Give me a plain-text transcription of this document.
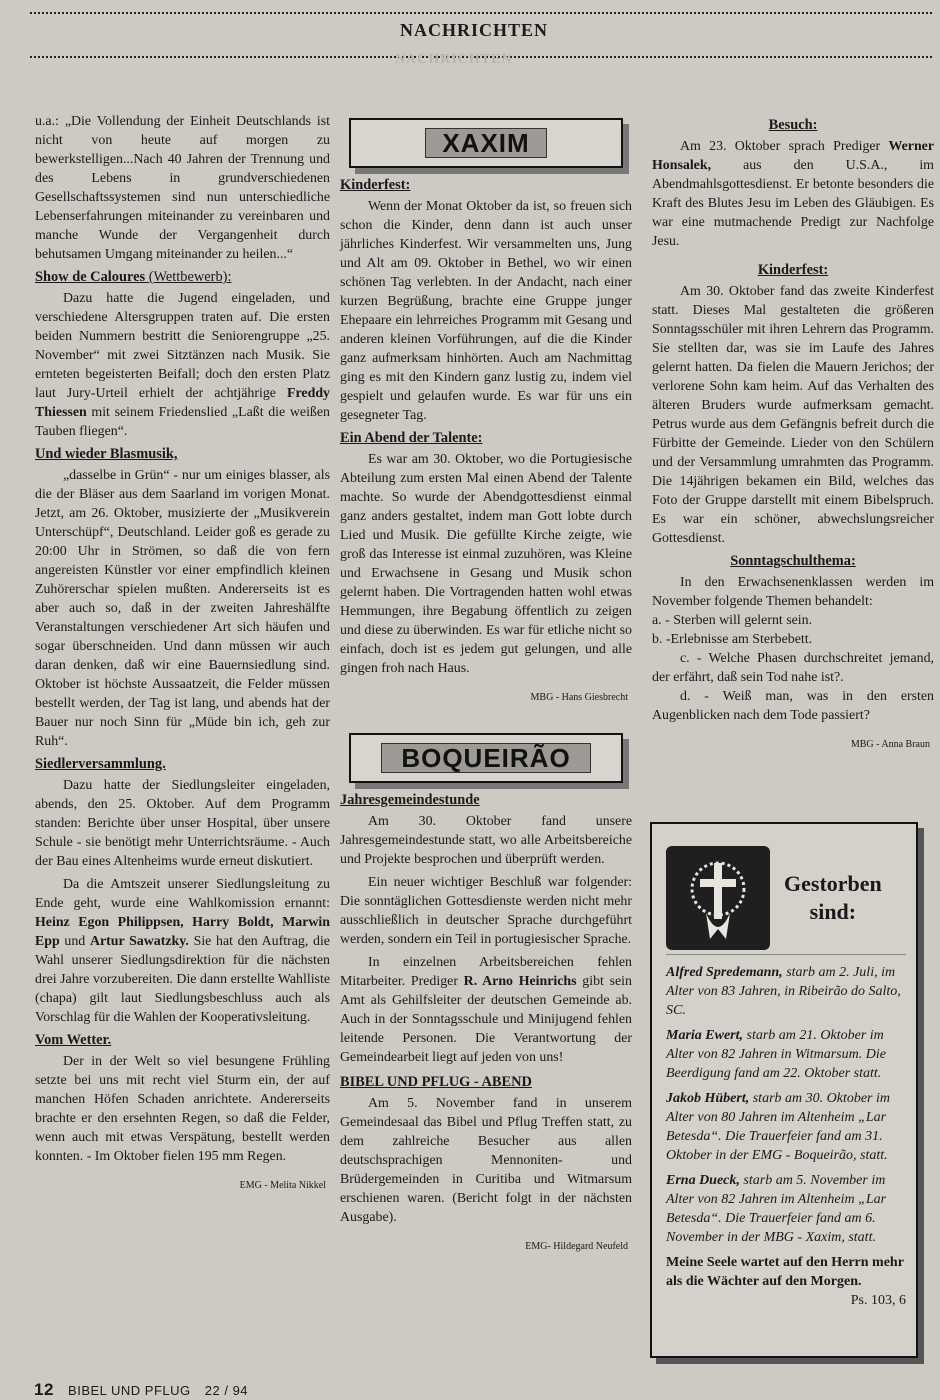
NACHRICHTEN
NACHRICHTEN

u.a.: „Die Vollendung der Einheit Deutschlands ist nicht von heute auf morgen zu bewerkstelligen...Nach 40 Jahren der Trennung und des Lebens in grundverschiedenen Gesellschaftssystemen sind nun unterschiedliche Lebenserfahrungen miteinander zu vereinbaren und manche Wunde der Vergangenheit durch behutsamen Umgang miteinander zu heilen...“

Show de Caloures (Wettbewerb):

Dazu hatte die Jugend eingeladen, und verschiedene Altersgruppen traten auf. Die ersten beiden Nummern bestritt die Seniorengruppe „25. November“ mit zwei Sitztänzen nach Musik. Sie ernteten begeisterten Beifall; doch den ersten Platz laut Jury-Urteil erhielt der achtjährige Freddy Thiessen mit seinem Friedenslied „Laßt die weißen Tauben fliegen“.

Und wieder Blasmusik,

„dasselbe in Grün“ - nur um einiges blasser, als die der Bläser aus dem Saarland im vorigen Monat. Jetzt, am 26. Oktober, musizierte der „Musikverein Unterschüpf“, Deutschland. Leider goß es gerade zu 20:00 Uhr in Strömen, so daß die von fern angereisten Künstler vor einer empfindlich kleinen Zuhörerschar spielen mußten. Andererseits ist es aber auch so, daß in der zweiten Jahreshälfte Veranstaltungen verschiedener Art sich häufen und sogar überschneiden. Und dann müssen wir auch daran denken, daß wir eine Bauernsiedlung sind. Oktober ist höchste Aussaatzeit, die Felder müssen bestellt werden, der Tag ist lang, und abends hat der Bauer nur noch Sinn für „Müde bin ich, geh zur Ruh“.

Siedlerversammlung.

Dazu hatte der Siedlungsleiter eingeladen, abends, den 25. Oktober. Auf dem Programm standen: Berichte über unser Hospital, über unsere Schule - sie benötigt mehr Unterrichtsräume. - Auch der Bau eines Altenheims wurde erneut diskutiert.

Da die Amtszeit unserer Siedlungsleitung zu Ende geht, wurde eine Wahlkomission ernannt: Heinz Egon Philippsen, Harry Boldt, Marwin Epp und Artur Sawatzky. Sie hat den Auftrag, die Wahl unserer Siedlungsdirektion für die nächsten drei Jahre vorzubereiten. Die dann erstellte Wahlliste (chapa) gilt laut Siedlungsbeschluss auch als Vorschlag für die Wahlen der Kooperativsleitung.

Vom Wetter.

Der in der Welt so viel besungene Frühling setzte bei uns mit recht viel Sturm ein, der auf manchen Höfen Schaden anrichtete. Andererseits brachte er den ersehnten Regen, so daß die Felder, wenn auch mit etwas Verspätung, bestellt werden konnten. - Im Oktober fielen 195 mm Regen.

EMG - Melita Nikkel

XAXIM
Kinderfest:

Wenn der Monat Oktober da ist, so freuen sich schon die Kinder, denn dann ist auch unser jährliches Kinderfest. Wir versammelten uns, Jung und Alt am 09. Oktober in Bethel, wo wir einen schönen Tag verlebten. In der Andacht, nach einer kurzen Begrüßung, brachte eine Gruppe junger Ehepaare ein lehrreiches Programm mit Gesang und anderen kleinen Vorführungen, auf die die Kinder ganz aufmerksam hinhörten. Auch am Nachmittag ging es mit den Kindern ganz lustig zu, indem viel gespielt und gelaufen wurde. Es war für uns ein gesegneter Tag.

Ein Abend der Talente:

Es war am 30. Oktober, wo die Portugiesische Abteilung zum ersten Mal einen Abend der Talente machte. So wurde der Abendgottesdienst einmal ganz anders gestaltet, indem man Gott lobte durch Lied und Musik. Die gefüllte Kirche zeigte, wie groß das Interesse ist einmal zuzuhören, was Kleine und Erwachsene in Gesang und Musik schon gelernt haben. Die Vortragenden hatten wohl etwas Hemmungen, ihre Begabung öffentlich zu zeigen und diese zu überwinden. Es war für etliche nicht so einfach, doch ist es jedem gut gelungen, und alle gingen froh nach Haus.

MBG - Hans Giesbrecht

BOQUEIRÃO
Jahresgemeindestunde

Am 30. Oktober fand unsere Jahresgemeindestunde statt, wo alle Arbeitsbereiche und Projekte besprochen und überprüft werden.

Ein neuer wichtiger Beschluß war folgender: Die sonntäglichen Gottesdienste werden nicht mehr ausschließlich in deutscher Sprache durchgeführt werden, sondern ein Teil in portugiesischer Sprache.

In einzelnen Arbeitsbereichen fehlen Mitarbeiter. Prediger R. Arno Heinrichs gibt sein Amt als Gehilfsleiter der deutschen Gemeinde ab. Auch in der Sonntagsschule und Minijugend fehlen leitende Personen. Die Verantwortung der Gemeindearbeit liegt auf jeden von uns!

BIBEL UND PFLUG - ABEND

Am 5. November fand in unserem Gemeindesaal das Bibel und Pflug Treffen statt, zu dem zahlreiche Besucher aus allen deutschsprachigen Mennoniten- und Brüdergemeinden in Curitiba und Witmarsum erschienen waren. (Bericht folgt in der nächsten Ausgabe).

EMG- Hildegard Neufeld

Besuch:

Am 23. Oktober sprach Prediger Werner Honsalek, aus den U.S.A., im Abendmahlsgottesdienst. Er betonte besonders die Kraft des Blutes Jesu im Leben des Gläubigen. Es war eine mutmachende Predigt zur Nachfolge Jesu.

Kinderfest:

Am 30. Oktober fand das zweite Kinderfest statt. Dieses Mal gestalteten die größeren Sonntagsschüler mit ihren Lehrern das Programm. Sie stellten dar, was sie im Laufe des Jahres gelernt hatten. Da fielen die Mauern Jerichos; der verlorene Sohn kam heim. Auf das Verhalten des älteren Bruders wurde aufmerksam gemacht. Petrus wurde aus dem Gefängnis befreit durch die Fürbitte der Gemeinde. Lieder von den Schülern und der Versammlung umrahmten das Programm. Die 14jährigen bekamen ein Bild, welches das Foto der Gruppe darstellt mit einem Bibelspruch. Es war ein schöner, abwechslungsreicher Gottesdienst.

Sonntagschulthema:

In den Erwachsenenklassen werden im November folgende Themen behandelt:

a. - Sterben will gelernt sein.

b. -Erlebnisse am Sterbebett.

c. - Welche Phasen durchschreitet jemand, der erfährt, daß sein Tod nahe ist?.

d. - Weiß man, was in den ersten Augenblicken nach dem Tode passiert?

MBG - Anna Braun

Gestorben
sind:

Alfred Spredemann, starb am 2. Juli, im Alter von 83 Jahren, in Ribeirão do Salto, SC.

Maria Ewert, starb am 21. Oktober im Alter von 82 Jahren in Witmarsum. Die Beerdigung fand am 22. Oktober statt.

Jakob Hübert, starb am 30. Oktober im Alter von 80 Jahren im Altenheim „Lar Betesda“. Die Trauerfeier fand am 31. Oktober in der EMG - Boqueirão, statt.

Erna Dueck, starb am 5. November im Alter von 82 Jahren im Altenheim „Lar Betesda“. Die Trauerfeier fand am 6. November in der MBG - Xaxim, statt.

Meine Seele wartet auf den Herrn mehr als die Wächter auf den Morgen.
Ps. 103, 6

12 BIBEL UND PFLUG 22 / 94
